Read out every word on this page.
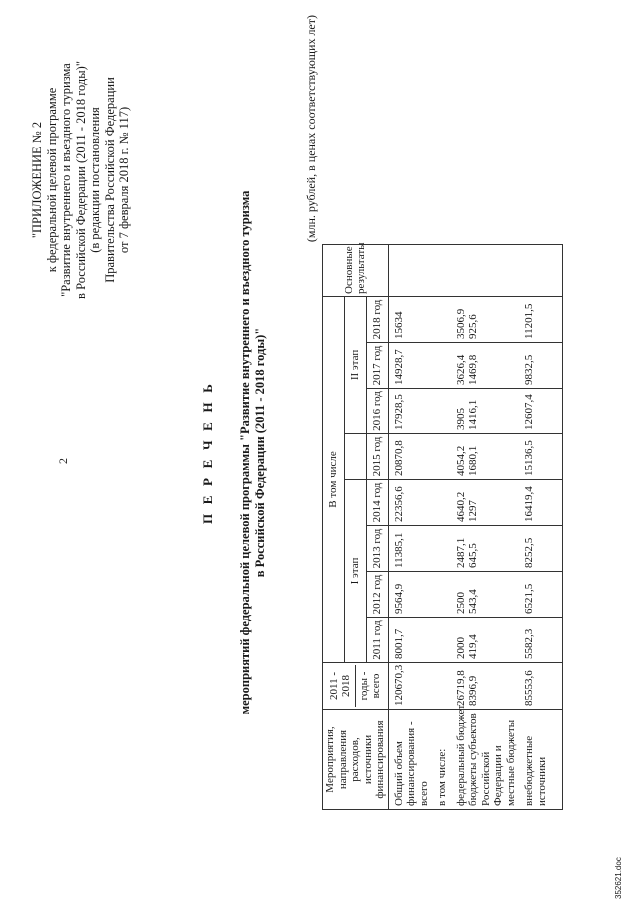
2
"ПРИЛОЖЕНИЕ № 2 к федеральной целевой программе "Развитие внутреннего и въездного туризма в Российской Федерации (2011 - 2018 годы)" (в редакции постановления Правительства Российской Федерации от 7 февраля 2018 г. № 117)
П Е Р Е Ч Е Н Ь мероприятий федеральной целевой программы "Развитие внутреннего и въездного туризма в Российской Федерации (2011 - 2018 годы)"
(млн. рублей, в ценах соответствующих лет)
Мероприятия, направления расходов, источники финансирования	2011 - 2018 годы - всего	В том числе								Основные результаты	
		I этап					II этап				
		2011 год	2012 год	2013 год	2014 год	2015 год	2016 год	2017 год	2018 год		
Общий объем финансирования - всего	120670,3	8001,7	9564,9	11385,1	22356,6	20870,8	17928,5	14928,7	15634		
в том числе:											
федеральный бюджет	26719,8	2000	2500	2487,1	4640,2	4054,2	3905	3626,4	3506,9		
бюджеты субъектов Российской Федерации и местные бюджеты	8396,9	419,4	543,4	645,5	1297	1680,1	1416,1	1469,8	925,6		
внебюджетные источники	85553,6	5582,3	6521,5	8252,5	16419,4	15136,5	12607,4	9832,5	11201,5		

352621.doc
